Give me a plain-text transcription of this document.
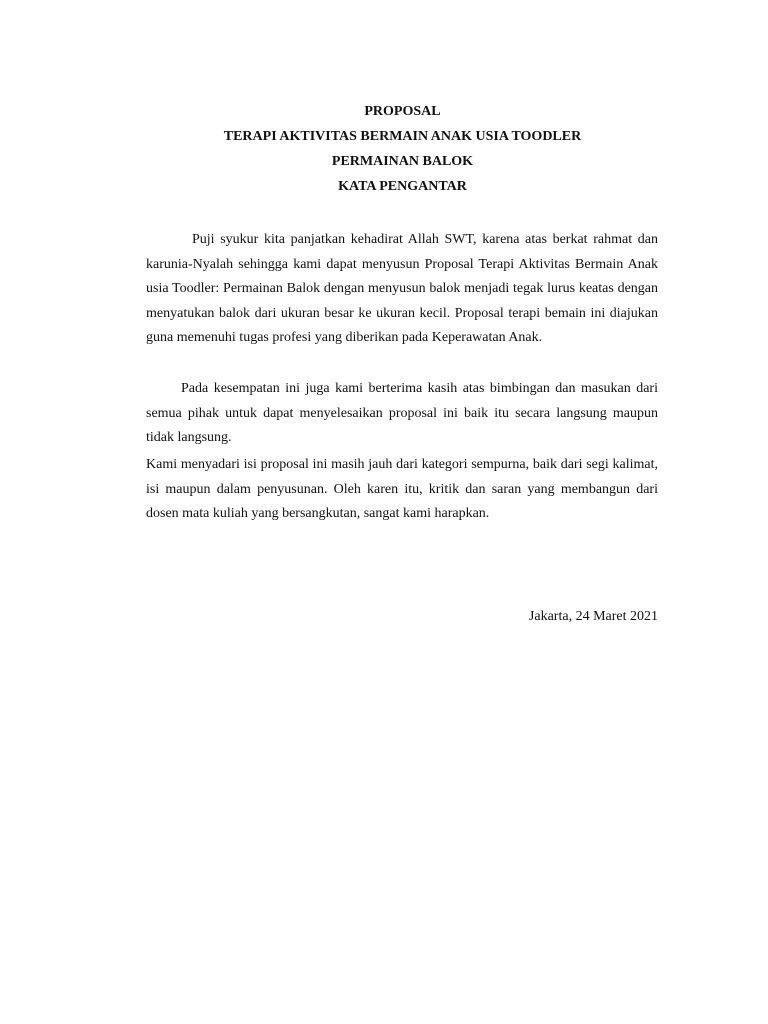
PROPOSAL
TERAPI AKTIVITAS BERMAIN ANAK USIA TOODLER
PERMAINAN BALOK
KATA PENGANTAR

Puji syukur kita panjatkan kehadirat Allah SWT, karena atas berkat rahmat dan karunia-Nyalah sehingga kami dapat menyusun Proposal Terapi Aktivitas Bermain Anak usia Toodler: Permainan Balok dengan menyusun balok menjadi tegak lurus keatas dengan menyatukan balok dari ukuran besar ke ukuran kecil. Proposal terapi bemain ini diajukan guna memenuhi tugas profesi yang diberikan pada Keperawatan Anak.

Pada kesempatan ini juga kami berterima kasih atas bimbingan dan masukan dari semua pihak untuk dapat menyelesaikan proposal ini baik itu secara langsung maupun tidak langsung.

Kami menyadari isi proposal ini masih jauh dari kategori sempurna, baik dari segi kalimat, isi maupun dalam penyusunan. Oleh karen itu, kritik dan saran yang membangun dari dosen mata kuliah yang bersangkutan, sangat kami harapkan.

Jakarta, 24 Maret 2021
